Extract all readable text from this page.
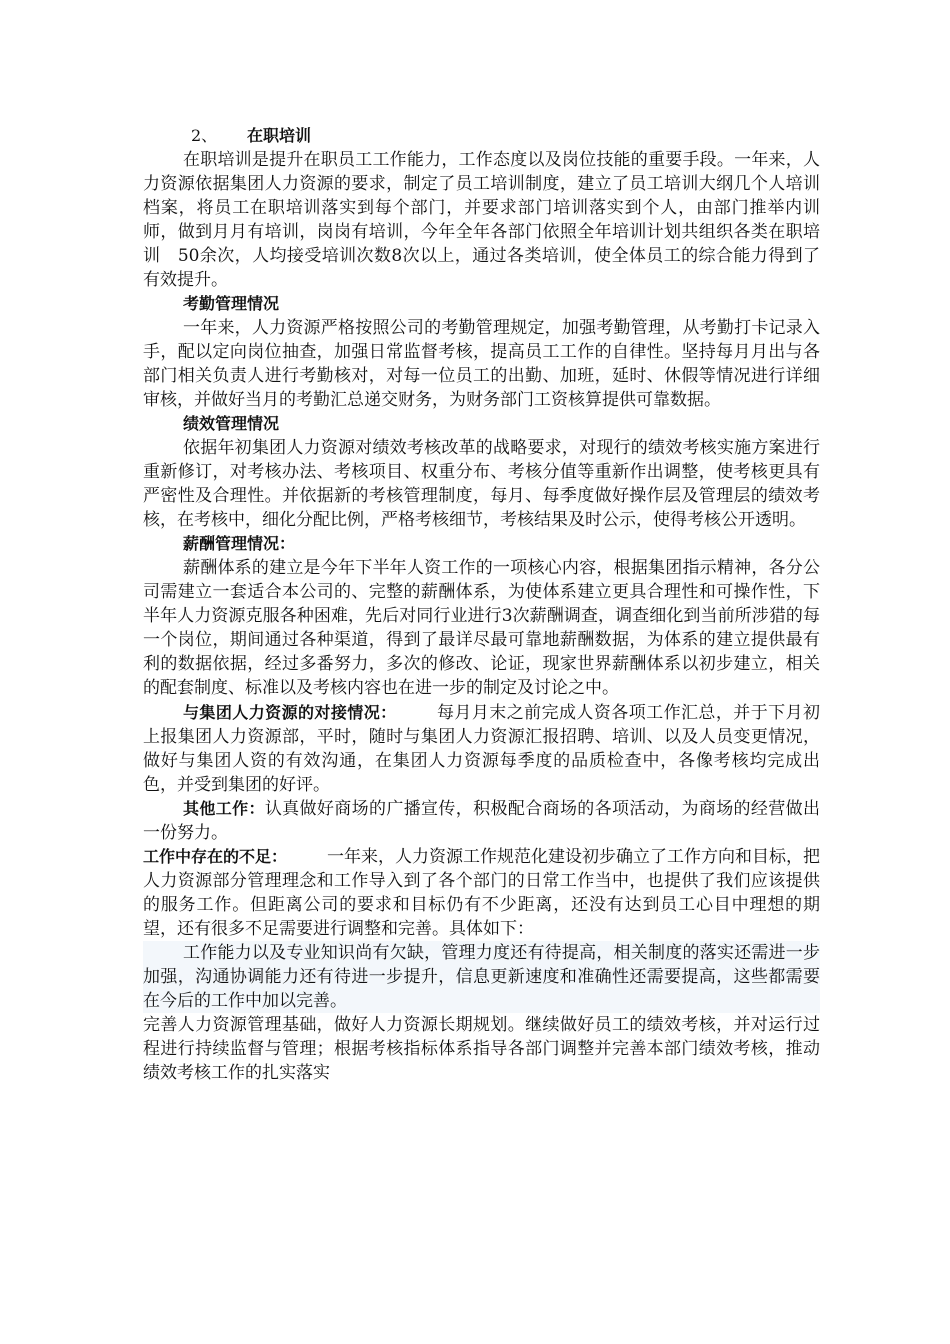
2、 在职培训

在职培训是提升在职员工工作能力，工作态度以及岗位技能的重要手段。一年来，人力资源依据集团人力资源的要求，制定了员工培训制度，建立了员工培训大纲几个人培训档案，将员工在职培训落实到每个部门，并要求部门培训落实到个人，由部门推举内训师，做到月月有培训，岗岗有培训，今年全年各部门依照全年培训计划共组织各类在职培训　50余次，人均接受培训次数8次以上，通过各类培训，使全体员工的综合能力得到了有效提升。

考勤管理情况

一年来，人力资源严格按照公司的考勤管理规定，加强考勤管理，从考勤打卡记录入手，配以定向岗位抽查，加强日常监督考核，提高员工工作的自律性。坚持每月月出与各部门相关负责人进行考勤核对，对每一位员工的出勤、加班，延时、休假等情况进行详细审核，并做好当月的考勤汇总递交财务，为财务部门工资核算提供可靠数据。

绩效管理情况

依据年初集团人力资源对绩效考核改革的战略要求，对现行的绩效考核实施方案进行重新修订，对考核办法、考核项目、权重分布、考核分值等重新作出调整，使考核更具有严密性及合理性。并依据新的考核管理制度，每月、每季度做好操作层及管理层的绩效考核，在考核中，细化分配比例，严格考核细节，考核结果及时公示，使得考核公开透明。

薪酬管理情况：

薪酬体系的建立是今年下半年人资工作的一项核心内容，根据集团指示精神，各分公司需建立一套适合本公司的、完整的薪酬体系，为使体系建立更具合理性和可操作性，下半年人力资源克服各种困难，先后对同行业进行3次薪酬调查，调查细化到当前所涉猎的每一个岗位，期间通过各种渠道，得到了最详尽最可靠地薪酬数据，为体系的建立提供最有利的数据依据，经过多番努力，多次的修改、论证，现家世界薪酬体系以初步建立，相关的配套制度、标准以及考核内容也在进一步的制定及讨论之中。

与集团人力资源的对接情况： 每月月末之前完成人资各项工作汇总，并于下月初上报集团人力资源部，平时，随时与集团人力资源汇报招聘、培训、以及人员变更情况，做好与集团人资的有效沟通，在集团人力资源每季度的品质检查中，各像考核均完成出色，并受到集团的好评。

其他工作：认真做好商场的广播宣传，积极配合商场的各项活动，为商场的经营做出一份努力。

工作中存在的不足： 一年来，人力资源工作规范化建设初步确立了工作方向和目标，把人力资源部分管理理念和工作导入到了各个部门的日常工作当中，也提供了我们应该提供的服务工作。但距离公司的要求和目标仍有不少距离，还没有达到员工心目中理想的期望，还有很多不足需要进行调整和完善。具体如下：

工作能力以及专业知识尚有欠缺，管理力度还有待提高，相关制度的落实还需进一步加强，沟通协调能力还有待进一步提升，信息更新速度和准确性还需要提高，这些都需要在今后的工作中加以完善。

完善人力资源管理基础，做好人力资源长期规划。继续做好员工的绩效考核，并对运行过程进行持续监督与管理；根据考核指标体系指导各部门调整并完善本部门绩效考核，推动绩效考核工作的扎实落实
